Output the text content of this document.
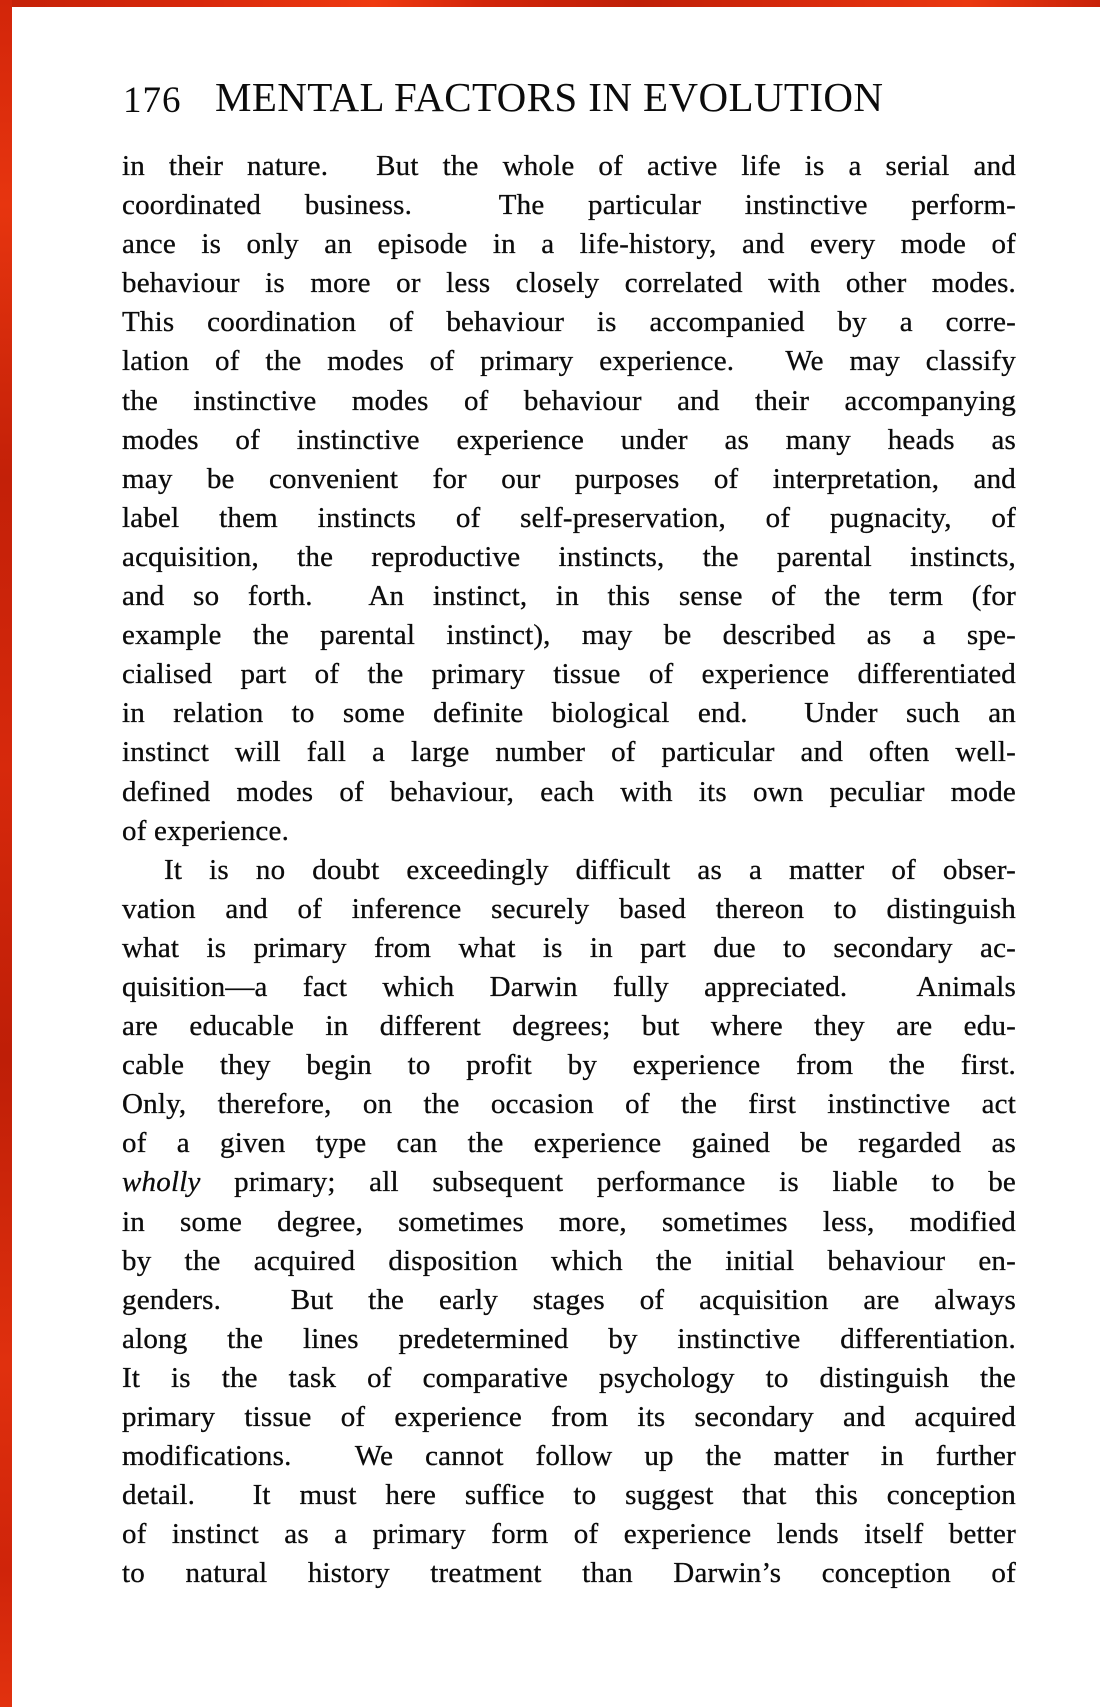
176 MENTAL FACTORS IN EVOLUTION
in their nature.  But the whole of active life is a serial and
coordinated business.  The particular instinctive perform-
ance is only an episode in a life-history, and every mode of
behaviour is more or less closely correlated with other modes.
This coordination of behaviour is accompanied by a corre-
lation of the modes of primary experience.  We may classify
the instinctive modes of behaviour and their accompanying
modes of instinctive experience under as many heads as
may be convenient for our purposes of interpretation, and
label them instincts of self-preservation, of pugnacity, of
acquisition, the reproductive instincts, the parental instincts,
and so forth.  An instinct, in this sense of the term (for
example the parental instinct), may be described as a spe-
cialised part of the primary tissue of experience differentiated
in relation to some definite biological end.  Under such an
instinct will fall a large number of particular and often well-
defined modes of behaviour, each with its own peculiar mode
of experience.
It is no doubt exceedingly difficult as a matter of obser-
vation and of inference securely based thereon to distinguish
what is primary from what is in part due to secondary ac-
quisition—a fact which Darwin fully appreciated.  Animals
are educable in different degrees; but where they are edu-
cable they begin to profit by experience from the first.
Only, therefore, on the occasion of the first instinctive act
of a given type can the experience gained be regarded as
wholly primary; all subsequent performance is liable to be
in some degree, sometimes more, sometimes less, modified
by the acquired disposition which the initial behaviour en-
genders.  But the early stages of acquisition are always
along the lines predetermined by instinctive differentiation.
It is the task of comparative psychology to distinguish the
primary tissue of experience from its secondary and acquired
modifications.  We cannot follow up the matter in further
detail.  It must here suffice to suggest that this conception
of instinct as a primary form of experience lends itself better
to natural history treatment than Darwin’s conception of
